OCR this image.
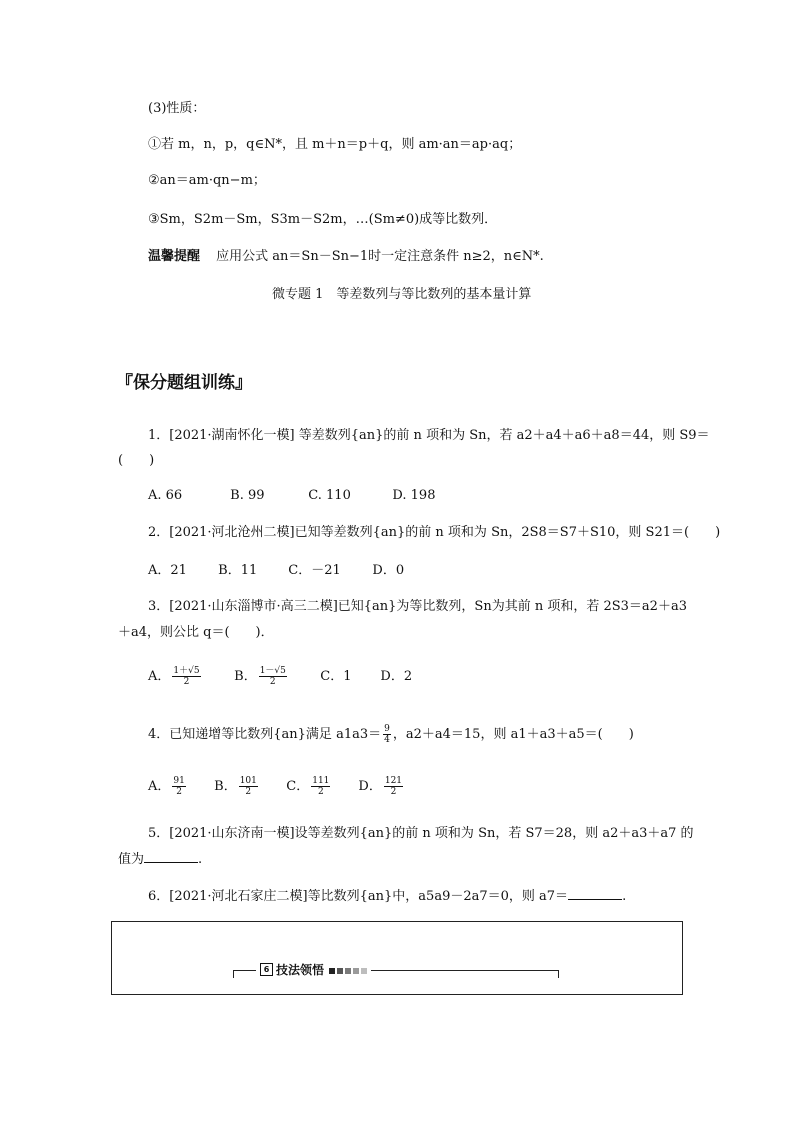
(3)性质：
①若 m，n，p，q∈N*，且 m＋n＝p＋q，则 am·an＝ap·aq；
②an＝am·qn−m；
③Sm，S2m－Sm，S3m－S2m，…(Sm≠0)成等比数列．
温馨提醒 应用公式 an＝Sn－Sn−1时一定注意条件 n≥2，n∈N*.
微专题 1　等差数列与等比数列的基本量计算
『保分题组训练』
1．[2021·湖南怀化一模] 等差数列{an}的前 n 项和为 Sn，若 a2＋a4＋a6＋a8＝44，则 S9＝
(　　)
A. 66	B. 99	C. 110	D. 198
2．[2021·河北沧州二模]已知等差数列{an}的前 n 项和为 Sn，2S8＝S7＋S10，则 S21＝(　　)
A．21 B．11 C．－21 D．0
3．[2021·山东淄博市·高三二模]已知{an}为等比数列，Sn为其前 n 项和，若 2S3＝a2＋a3
＋a4，则公比 q＝(　　)．
A． $\frac{1+√5}{2}$	B． $\frac{1-√5}{2}$	C．1 D．2
4．已知递增等比数列{an}满足 $a1a3= \frac{9}{4}$ ，a2＋a4＝15，则 a1＋a3＋a5＝(　　)
A． $\frac{91}{2}$ B． $\frac{101}{2}$ C． $\frac{111}{2}$ D． $\frac{121}{2}$
5．[2021·山东济南一模]设等差数列{an}的前 n 项和为 Sn，若 S7＝28，则 a2＋a3＋a7 的
值为	.
6．[2021·河北石家庄二模]等比数列{an}中，a5a9－2a7＝0，则 a7＝	.
6 技法领悟
